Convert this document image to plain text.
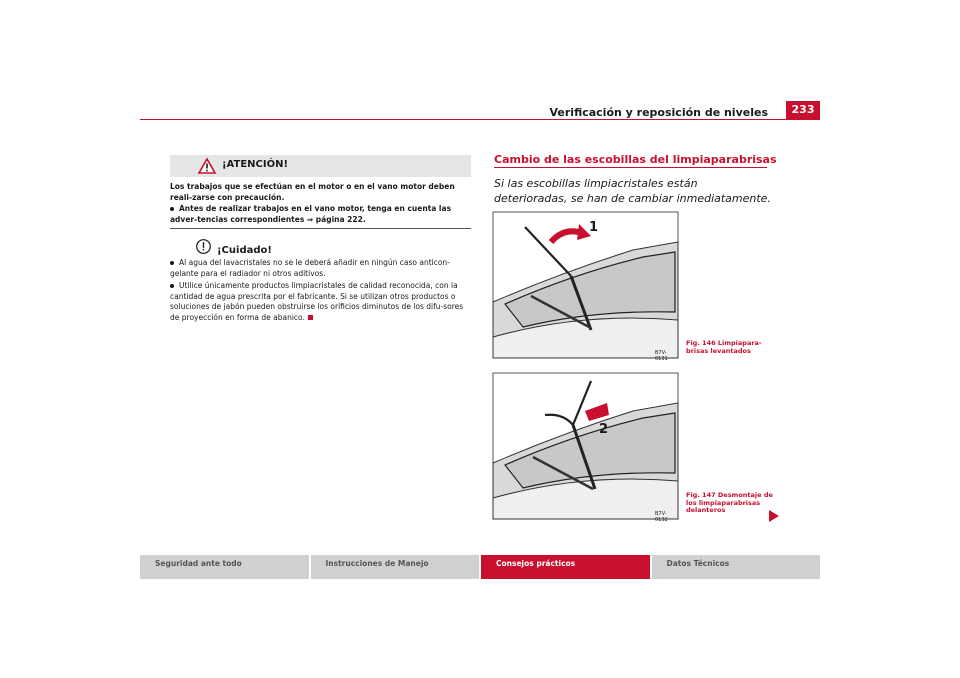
Verificación y reposición de niveles	233
¡ATENCIÓN!

Los trabajos que se efectúan en el motor o en el vano motor deben reali-zarse con precaución.

Antes de realizar trabajos en el vano motor, tenga en cuenta las adver-tencias correspondientes ⇒ página 222.

¡Cuidado!

Al agua del lavacristales no se le deberá añadir en ningún caso anticon-gelante para el radiador ni otros aditivos.

Utilice únicamente productos limpiacristales de calidad reconocida, con la cantidad de agua prescrita por el fabricante. Si se utilizan otros productos o soluciones de jabón pueden obstruirse los orificios diminutos de los difu-sores de proyección en forma de abanico.

Cambio de las escobillas del limpiaparabrisas
Si las escobillas limpiacristales están deterioradas, se han de cambiar inmediatamente.
1
B7V-0131
Fig. 146 Limpiapara-brisas levantados
2
B7V-0132
Fig. 147 Desmontaje de los limpiaparabrisas delanteros
Seguridad ante todo	Instrucciones de Manejo	Consejos prácticos	Datos Técnicos
